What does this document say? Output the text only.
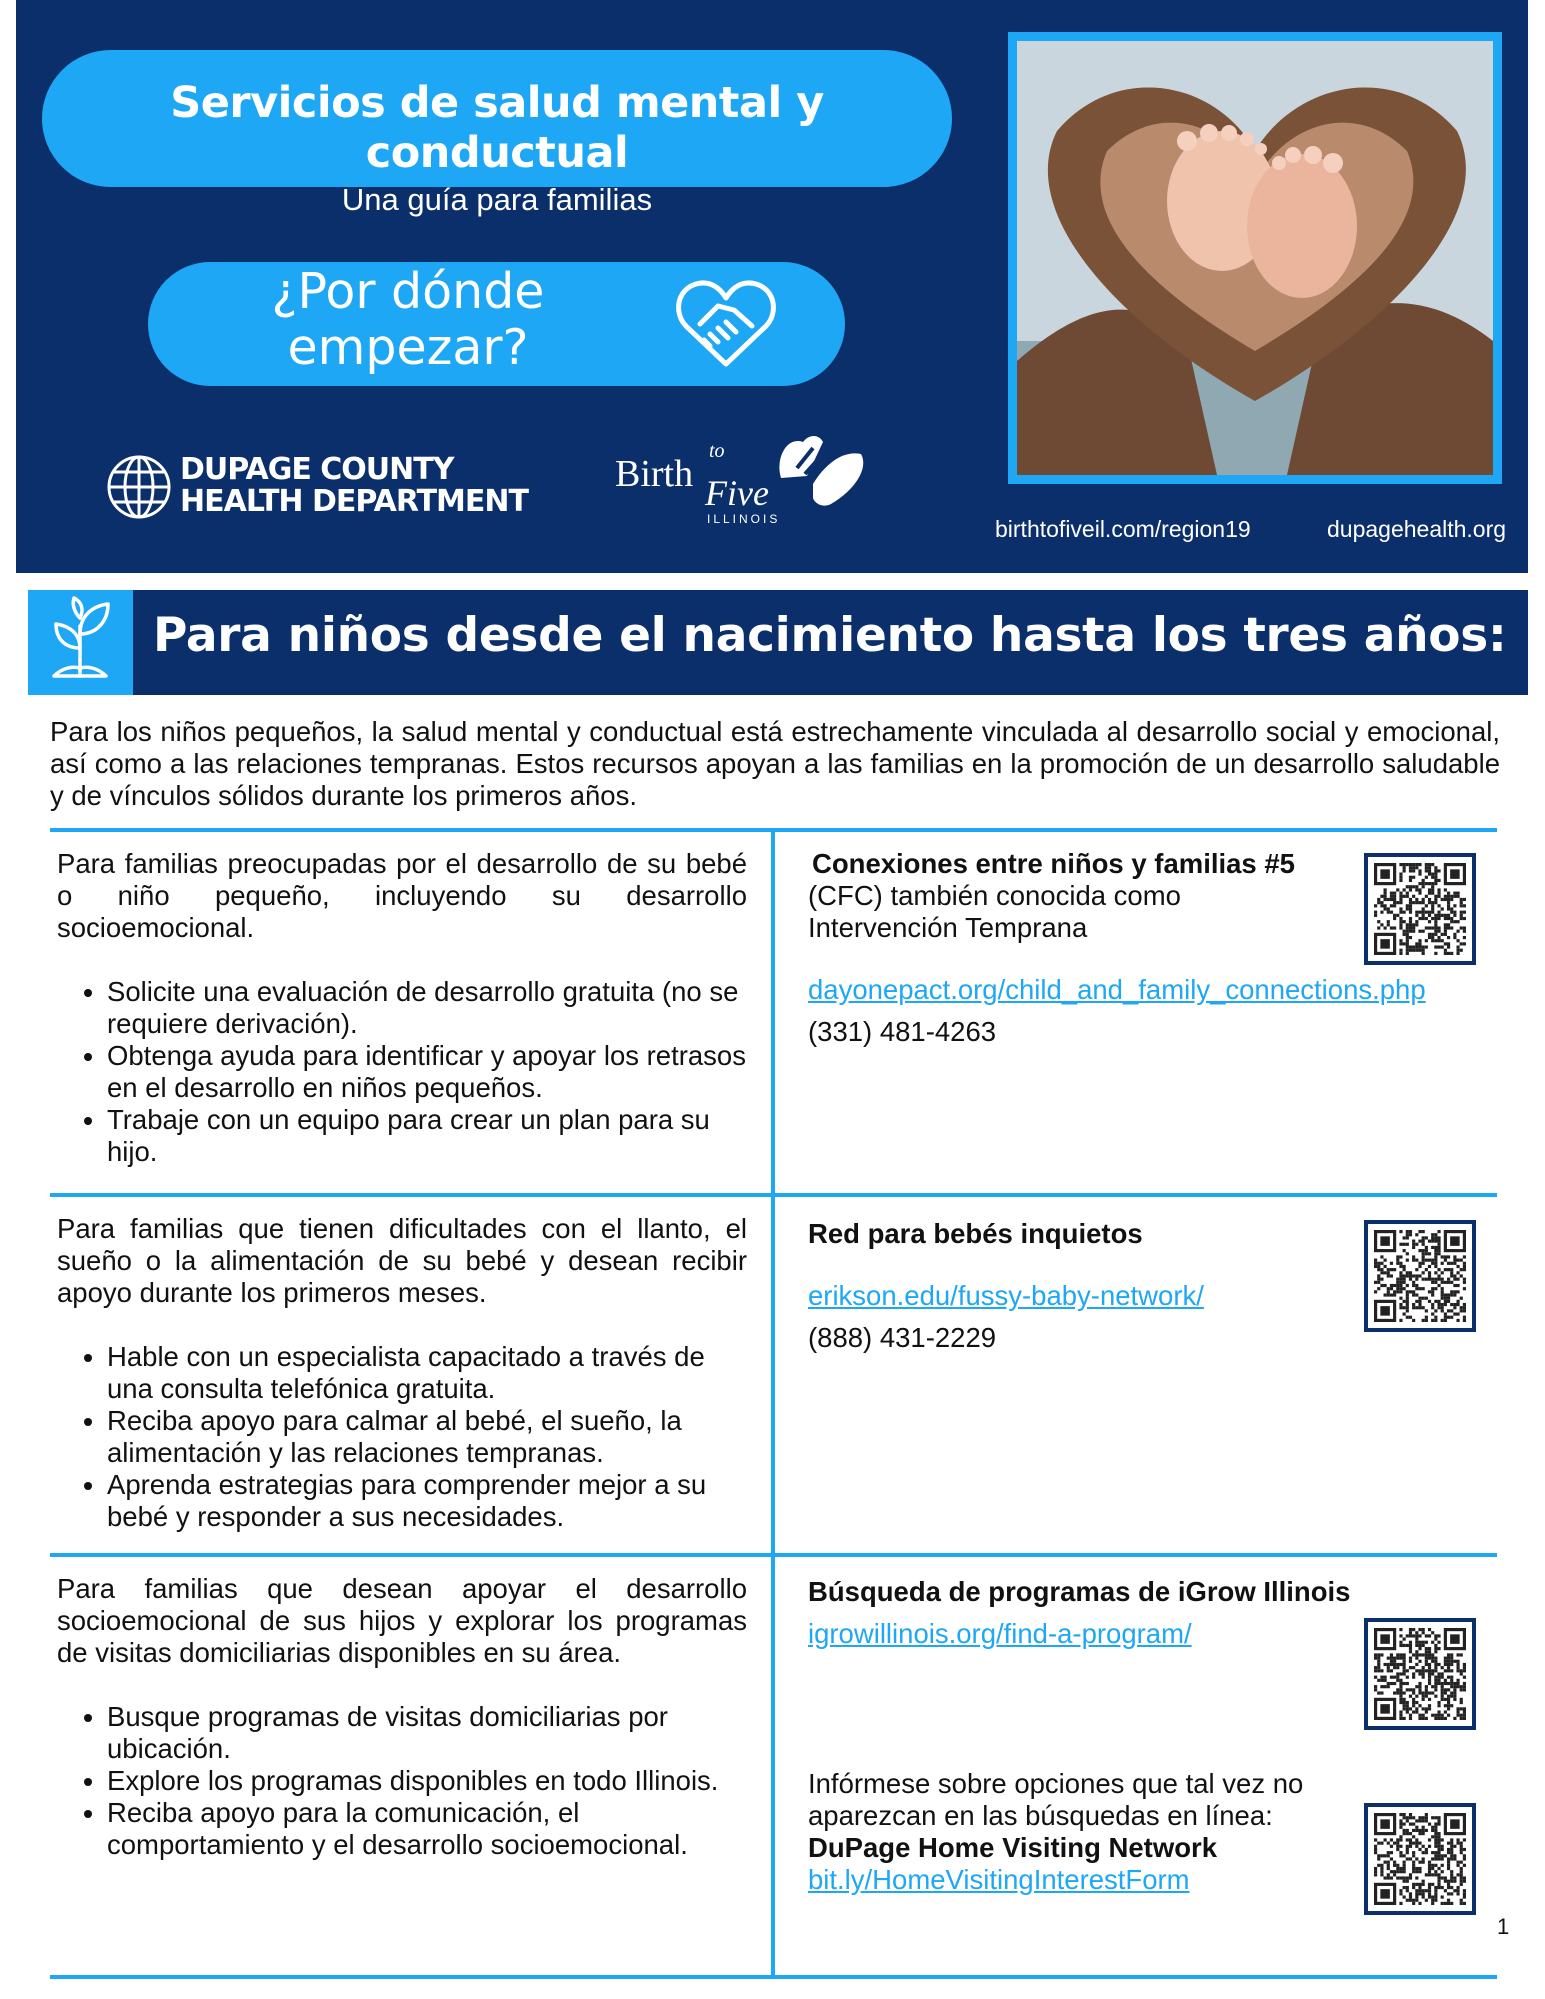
Servicios de salud mental y conductual
Una guía para familias
¿Por dónde
empezar?
DUPAGE COUNTY
HEALTH DEPARTMENT
Birth
to
Five
ILLINOIS	birthtofiveil.com/region19	dupagehealth.org
Para niños desde el nacimiento hasta los tres años:
Para los niños pequeños, la salud mental y conductual está estrechamente vinculada al desarrollo social y emocional, así como a las relaciones tempranas. Estos recursos apoyan a las familias en la promoción de un desarrollo saludable y de vínculos sólidos durante los primeros años.
Para familias preocupadas por el desarrollo de su bebé o niño pequeño, incluyendo su desarrollo socioemocional.
• Solicite una evaluación de desarrollo gratuita (no se requiere derivación).
• Obtenga ayuda para identificar y apoyar los retrasos en el desarrollo en niños pequeños.
• Trabaje con un equipo para crear un plan para su hijo.
Conexiones entre niños y familias #5
(CFC) también conocida como
Intervención Temprana
dayonepact.org/child_and_family_connections.php
(331) 481-4263
Para familias que tienen dificultades con el llanto, el sueño o la alimentación de su bebé y desean recibir apoyo durante los primeros meses.
• Hable con un especialista capacitado a través de una consulta telefónica gratuita.
• Reciba apoyo para calmar al bebé, el sueño, la alimentación y las relaciones tempranas.
• Aprenda estrategias para comprender mejor a su bebé y responder a sus necesidades.
Red para bebés inquietos
erikson.edu/fussy-baby-network/
(888) 431-2229
Para familias que desean apoyar el desarrollo socioemocional de sus hijos y explorar los programas de visitas domiciliarias disponibles en su área.
• Busque programas de visitas domiciliarias por ubicación.
• Explore los programas disponibles en todo Illinois.
• Reciba apoyo para la comunicación, el comportamiento y el desarrollo socioemocional.
Búsqueda de programas de iGrow Illinois
igrowillinois.org/find-a-program/
Infórmese sobre opciones que tal vez no
aparezcan en las búsquedas en línea:
DuPage Home Visiting Network
bit.ly/HomeVisitingInterestForm
1
